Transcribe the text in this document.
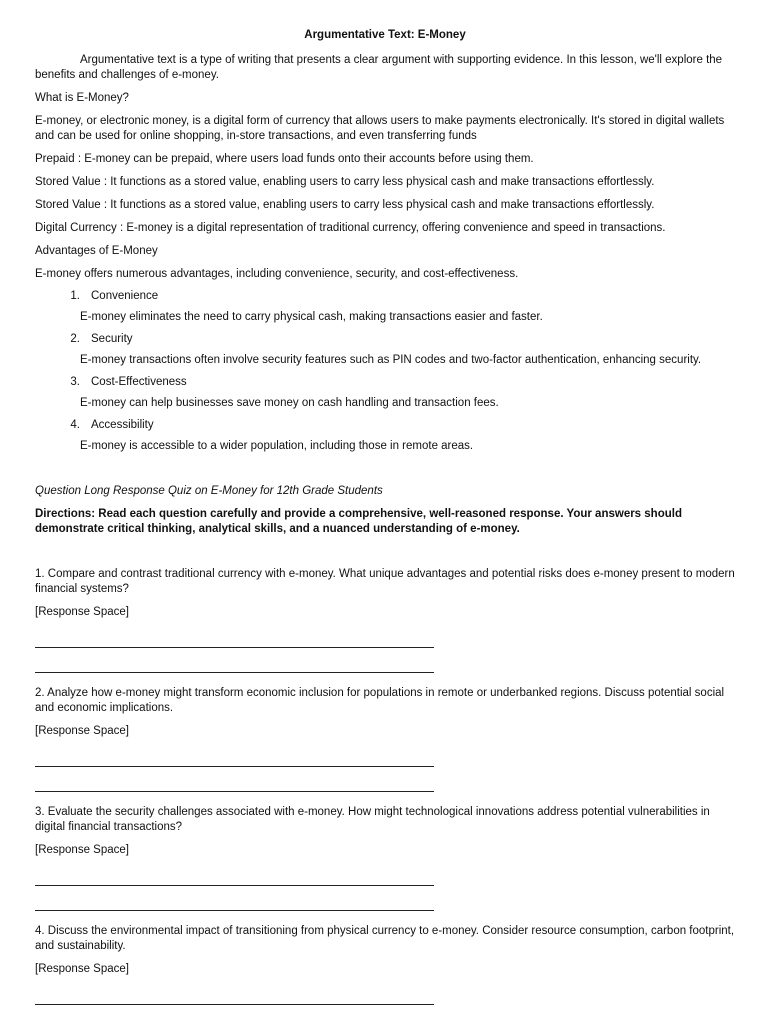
Argumentative Text: E-Money

Argumentative text is a type of writing that presents a clear argument with supporting evidence. In this lesson, we'll explore the benefits and challenges of e-money.

What is E-Money?

E-money, or electronic money, is a digital form of currency that allows users to make payments electronically. It's stored in digital wallets and can be used for online shopping, in-store transactions, and even transferring funds

Prepaid : E-money can be prepaid, where users load funds onto their accounts before using them.

Stored Value : It functions as a stored value, enabling users to carry less physical cash and make transactions effortlessly.

Stored Value : It functions as a stored value, enabling users to carry less physical cash and make transactions effortlessly.

Digital Currency : E-money is a digital representation of traditional currency, offering convenience and speed in transactions.

Advantages of E-Money

E-money offers numerous advantages, including convenience, security, and cost-effectiveness.

1. Convenience

E-money eliminates the need to carry physical cash, making transactions easier and faster.

2. Security

E-money transactions often involve security features such as PIN codes and two-factor authentication, enhancing security.

3. Cost-Effectiveness

E-money can help businesses save money on cash handling and transaction fees.

4. Accessibility

E-money is accessible to a wider population, including those in remote areas.

Question Long Response Quiz on E-Money for 12th Grade Students

Directions: Read each question carefully and provide a comprehensive, well-reasoned response. Your answers should demonstrate critical thinking, analytical skills, and a nuanced understanding of e-money.

1. Compare and contrast traditional currency with e-money. What unique advantages and potential risks does e-money present to modern financial systems?

[Response Space]

2. Analyze how e-money might transform economic inclusion for populations in remote or underbanked regions. Discuss potential social and economic implications.

[Response Space]

3. Evaluate the security challenges associated with e-money. How might technological innovations address potential vulnerabilities in digital financial transactions?

[Response Space]

4. Discuss the environmental impact of transitioning from physical currency to e-money. Consider resource consumption, carbon footprint, and sustainability.

[Response Space]
